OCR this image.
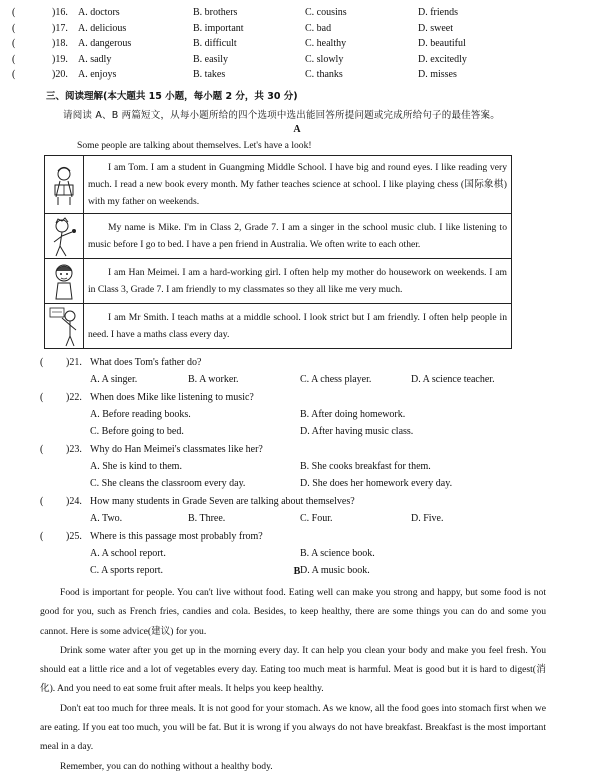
(	)16. A. doctors	B. brothers	C. cousins	D. friends
(	)17. A. delicious	B. important	C. bad	D. sweet
(	)18. A. dangerous	B. difficult	C. healthy	D. beautiful
(	)19. A. sadly	B. easily	C. slowly	D. excitedly
(	)20. A. enjoys	B. takes	C. thanks	D. misses
三、阅读理解(本大题共 15 小题，每小题 2 分，共 30 分)
请阅读 A、B 两篇短文，从每小题所给的四个选项中选出能回答所提问题或完成所给句子的最佳答案。
A
Some people are talking about themselves. Let's have a look!
	I am Tom. I am a student in Guangming Middle School. I have big and round eyes. I like reading very much. I read a new book every month. My father teaches science at school. I like playing chess (国际象棋) with my father on weekends.

	My name is Mike. I'm in Class 2, Grade 7. I am a singer in the school music club. I like listening to music before I go to bed. I have a pen friend in Australia. We often write to each other.

	I am Han Meimei. I am a hard-working girl. I often help my mother do housework on weekends. I am in Class 3, Grade 7. I am friendly to my classmates so they all like me very much.

	I am Mr Smith. I teach maths at a middle school. I look strict but I am friendly. I often help people in need. I have a maths class every day.
( )21. What does Tom's father do?
A. A singer.	B. A worker.	C. A chess player.	D. A science teacher.
( )22. When does Mike like listening to music?
A. Before reading books.	B. After doing homework.
C. Before going to bed.	D. After having music class.
( )23. Why do Han Meimei's classmates like her?
A. She is kind to them.	B. She cooks breakfast for them.
C. She cleans the classroom every day.	D. She does her homework every day.
( )24. How many students in Grade Seven are talking about themselves?
A. Two.	B. Three.	C. Four.	D. Five.
( )25. Where is this passage most probably from?
A. A school report.	B. A science book.
C. A sports report.	D. A music book.
B

Food is important for people. You can't live without food. Eating well can make you strong and happy, but some food is not good for you, such as French fries, candies and cola. Besides, to keep healthy, there are some things you can do and some you cannot. Here is some advice(建议) for you.

Drink some water after you get up in the morning every day. It can help you clean your body and make you feel fresh. You should eat a little rice and a lot of vegetables every day. Eating too much meat is harmful. Meat is good but it is hard to digest(消化). And you need to eat some fruit after meals. It helps you keep healthy.

Don't eat too much for three meals. It is not good for your stomach. As we know, all the food goes into stomach first when we are eating. If you eat too much, you will be fat. But it is wrong if you always do not have breakfast. Breakfast is the most important meal in a day.

Remember, you can do nothing without a healthy body.
